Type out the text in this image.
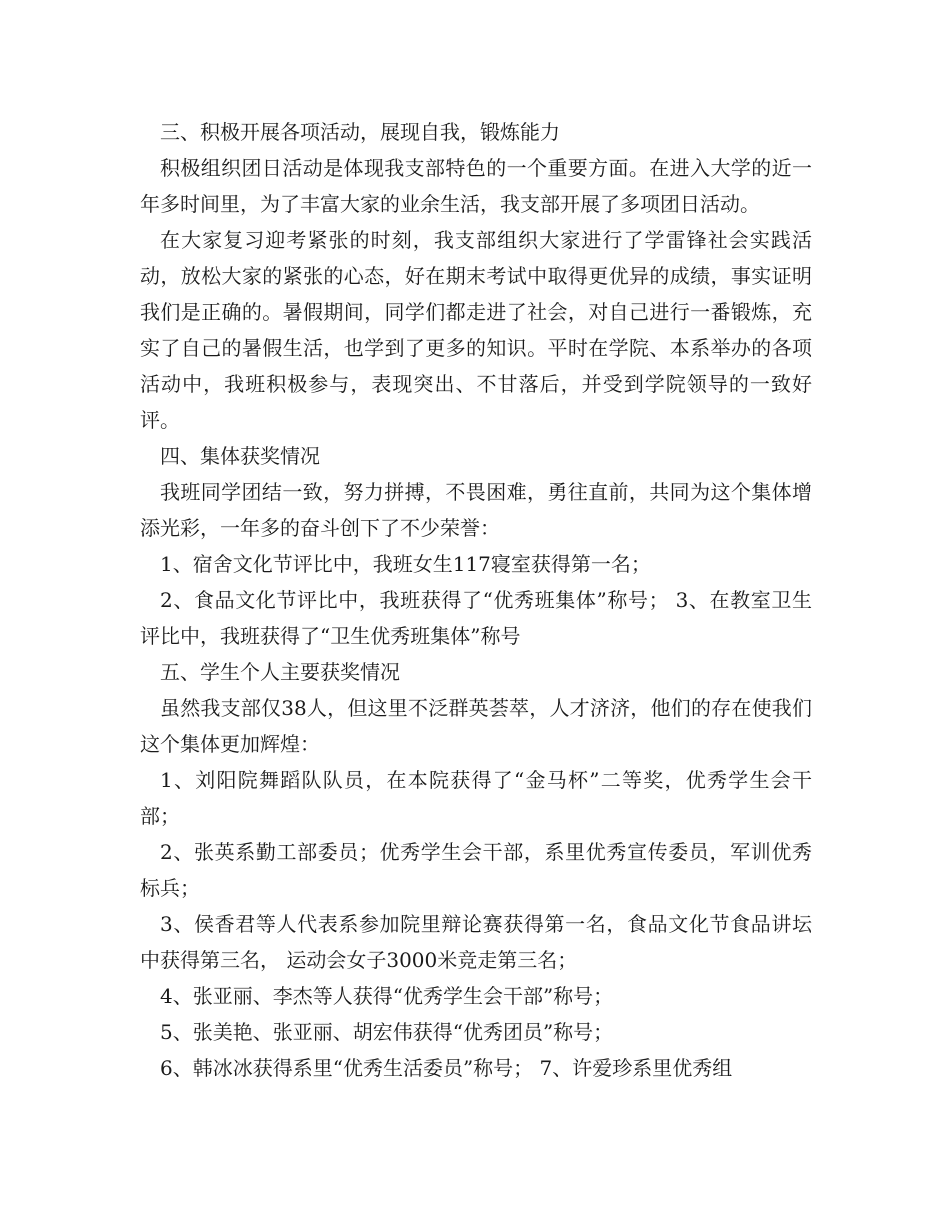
三、积极开展各项活动，展现自我，锻炼能力

积极组织团日活动是体现我支部特色的一个重要方面。在进入大学的近一年多时间里，为了丰富大家的业余生活，我支部开展了多项团日活动。

在大家复习迎考紧张的时刻，我支部组织大家进行了学雷锋社会实践活动，放松大家的紧张的心态，好在期末考试中取得更优异的成绩，事实证明我们是正确的。暑假期间，同学们都走进了社会，对自己进行一番锻炼，充实了自己的暑假生活，也学到了更多的知识。平时在学院、本系举办的各项活动中，我班积极参与，表现突出、不甘落后，并受到学院领导的一致好评。

四、集体获奖情况

我班同学团结一致，努力拼搏，不畏困难，勇往直前，共同为这个集体增添光彩，一年多的奋斗创下了不少荣誉：

1、宿舍文化节评比中，我班女生117寝室获得第一名；

2、食品文化节评比中，我班获得了“优秀班集体”称号； 3、在教室卫生评比中，我班获得了“卫生优秀班集体”称号

五、学生个人主要获奖情况

虽然我支部仅38人，但这里不泛群英荟萃，人才济济，他们的存在使我们这个集体更加辉煌：

1、刘阳院舞蹈队队员，在本院获得了“金马杯”二等奖，优秀学生会干部；

2、张英系勤工部委员；优秀学生会干部，系里优秀宣传委员，军训优秀标兵；

3、侯香君等人代表系参加院里辩论赛获得第一名，食品文化节食品讲坛中获得第三名， 运动会女子3000米竞走第三名；

4、张亚丽、李杰等人获得“优秀学生会干部”称号；

5、张美艳、张亚丽、胡宏伟获得“优秀团员”称号；

6、韩冰冰获得系里“优秀生活委员”称号； 7、许爱珍系里优秀组
